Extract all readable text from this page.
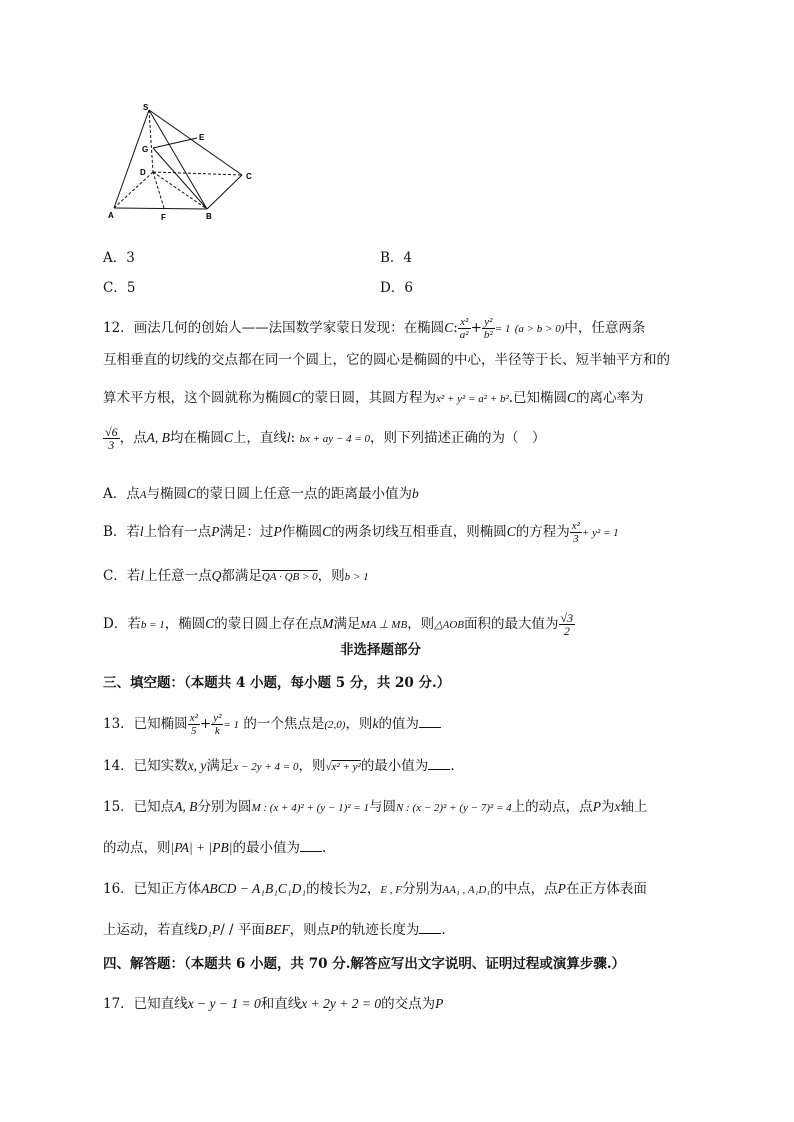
S
E
G
D	C
A	F	B
A．3	B．4
C．5	D．6
12．画法几何的创始人——法国数学家蒙日发现：在椭圆C: $\frac{\text{x²}}{\text{a²}} + \frac{\text{y²}}{\text{b²}} = 1$ (a > b > 0)中，任意两条
互相垂直的切线的交点都在同一个圆上，它的圆心是椭圆的中心，半径等于长、短半轴平方和的
算术平方根，这个圆就称为椭圆C的蒙日圆，其圆方程为x² + y² = a² + b².已知椭圆C的离心率为
$\frac{√6}{3}$ ，点A, B均在椭圆C上，直线l: bx + ay − 4 = 0，则下列描述正确的为（　）
A．点A与椭圆C的蒙日圆上任意一点的距离最小值为b
B．若l上恰有一点P满足：过P作椭圆C的两条切线互相垂直，则椭圆C的方程为 $\frac{\text{x²}}{3} + y^2 = 1$
C．若l上任意一点Q都满足QA · QB > 0，则b > 1
D．若b = 1，椭圆C的蒙日圆上存在点M满足MA ⊥ MB，则△AOB面积的最大值为 $\frac{√3}{2}$
非选择题部分
三、填空题：（本题共 4 小题，每小题 5 分，共 20 分.）
13．已知椭圆 $\frac{\text{x²}}{5} + \frac{\text{y²}}{k} = 1$ 的一个焦点是(2,0)，则k的值为
14．已知实数x, y满足x − 2y + 4 = 0，则√x² + y²的最小值为 .
15．已知点A, B分别为圆M : (x + 4)² + (y − 1)² = 1与圆N : (x − 2)² + (y − 7)² = 4上的动点，点P为x轴上
的动点，则|PA| + |PB|的最小值为 .
16．已知正方体ABCD − A₁B₁C₁D₁的棱长为2，E , F分别为AA₁ , A₁D₁的中点，点P在正方体表面
上运动，若直线D₁P/ / 平面BEF，则点P的轨迹长度为 .
四、解答题：（本题共 6 小题，共 70 分.解答应写出文字说明、证明过程或演算步骤.）
17．已知直线x − y − 1 = 0和直线x + 2y + 2 = 0的交点为P
